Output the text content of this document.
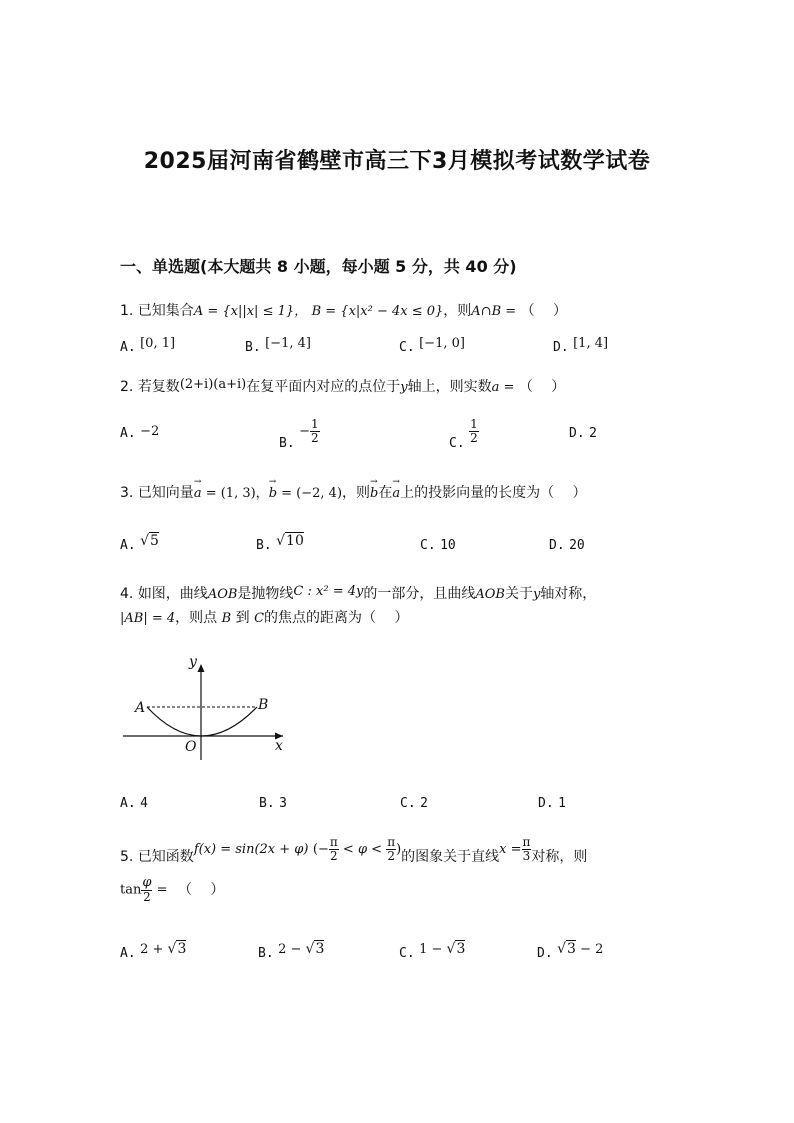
2025届河南省鹤壁市高三下3月模拟考试数学试卷
一、单选题(本大题共 8 小题，每小题 5 分，共 40 分)
1. 已知集合A = {x||x| ≤ 1}， B = {x|x² − 4x ≤ 0}，则A∩B = （　 ）
A. [0, 1]	B. [−1, 4]	C. [−1, 0]	D. [1, 4]
2. 若复数(2+i)(a+i)在复平面内对应的点位于y轴上，则实数a = （　 ）
A. −2
B. − $\frac{1}{2}$	C. $\frac{1}{2}$	D. 2
3. 已知向量→ a = (1, 3)，→ b = (−2, 4)，则→ b在→ a上的投影向量的长度为（　 ）
A. √5	B. √10	C. 10	D. 20
4. 如图，曲线AOB是抛物线C : x² = 4y的一部分，且曲线AOB关于y轴对称，
|AB| = 4，则点 B 到 C的焦点的距离为（　 ）
A	B
O	x
y
A. 4	B. 3	C. 2	D. 1
5. 已知函数f(x) = sin(2x + φ) (− $\frac{\pi}{2} < \varphi < \frac{\pi}{2}$ )的图象关于直线$x = \frac{\pi}{3}$ 对称，则
$\tan \frac{\varphi}{2}$ = （　 ）
A. 2 + √3	B. 2 − √3	C. 1 − √3	D. √3 − 2
